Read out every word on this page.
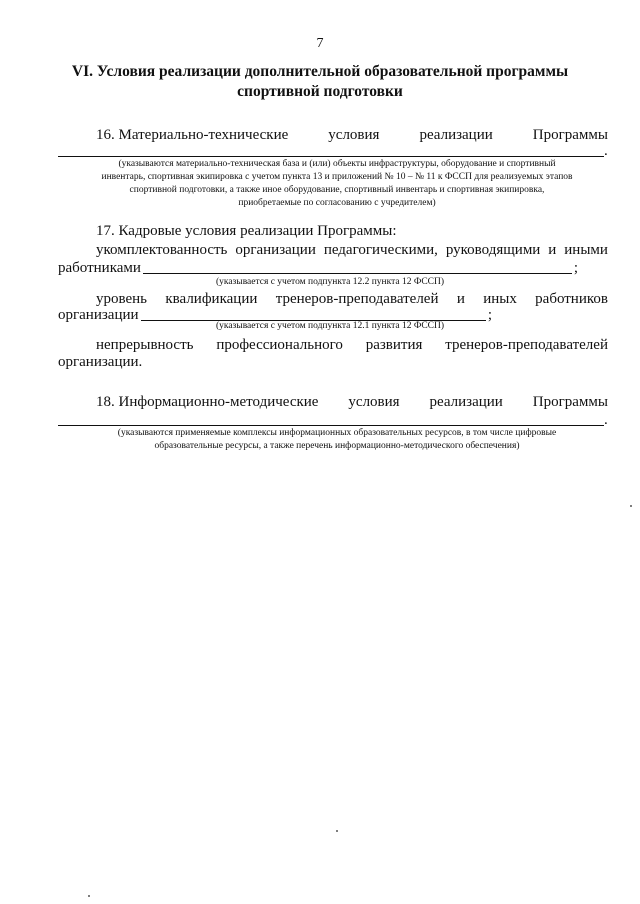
7
VI. Условия реализации дополнительной образовательной программы
спортивной подготовки
16. Материально-технические	условия	реализации	Программы
.
(указываются материально-техническая база и (или) объекты инфраструктуры, оборудование и спортивный
инвентарь, спортивная экипировка с учетом пункта 13 и приложений № 10 – № 11 к ФССП для реализуемых этапов
спортивной подготовки, а также иное оборудование, спортивный инвентарь и спортивная экипировка,
приобретаемые по согласованию с учредителем)
17. Кадровые условия реализации Программы:
укомплектованность организации педагогическими, руководящими и иными
работниками	;
(указывается с учетом подпункта 12.2 пункта 12 ФССП)
уровень квалификации тренеров-преподавателей и иных работников
организации	;
(указывается с учетом подпункта 12.1 пункта 12 ФССП)
непрерывность профессионального развития тренеров-преподавателей
организации.
18. Информационно-методические условия реализации Программы
.
(указываются применяемые комплексы информационных образовательных ресурсов, в том числе цифровые
образовательные ресурсы, а также перечень информационно-методического обеспечения)
